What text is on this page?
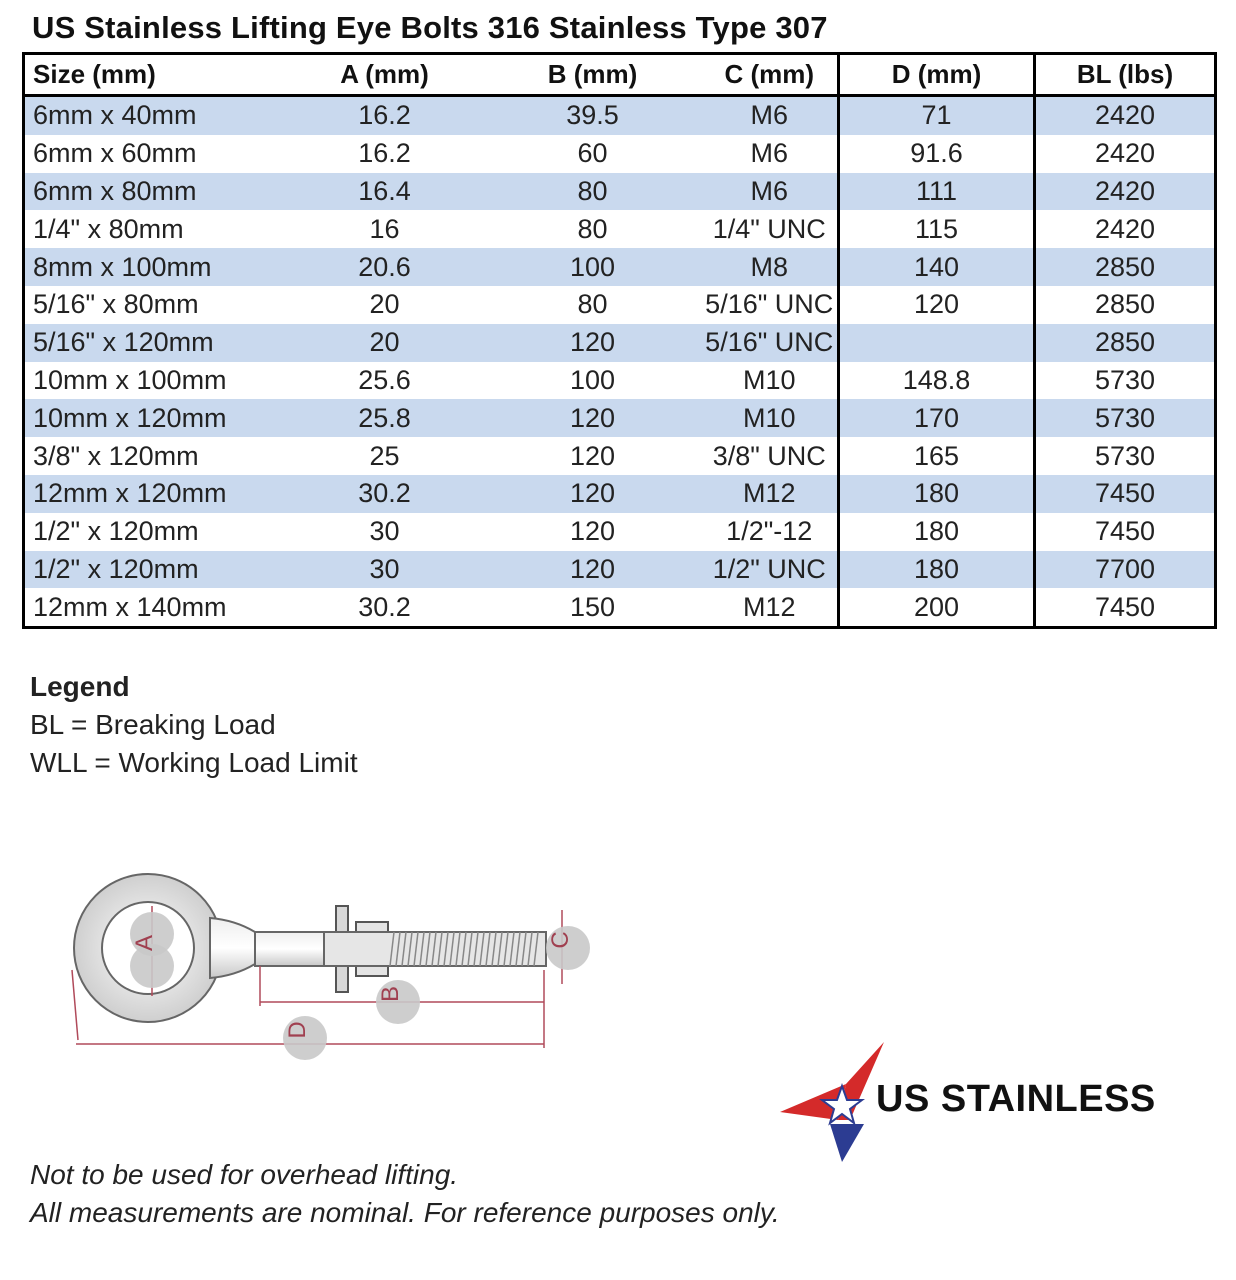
US Stainless Lifting Eye Bolts 316 Stainless Type 307
Size (mm)	A (mm)	B (mm)	C (mm)	D (mm)	BL (lbs)
6mm x 40mm	16.2	39.5	M6	71	2420
6mm x 60mm	16.2	60	M6	91.6	2420
6mm x 80mm	16.4	80	M6	111	2420
1/4" x 80mm	16	80	1/4" UNC	115	2420
8mm x 100mm	20.6	100	M8	140	2850
5/16" x 80mm	20	80	5/16" UNC	120	2850
5/16" x 120mm	20	120	5/16" UNC		2850
10mm x 100mm	25.6	100	M10	148.8	5730
10mm x 120mm	25.8	120	M10	170	5730
3/8" x 120mm	25	120	3/8" UNC	165	5730
12mm x 120mm	30.2	120	M12	180	7450
1/2" x 120mm	30	120	1/2"-12	180	7450
1/2" x 120mm	30	120	1/2" UNC	180	7700
12mm x 140mm	30.2	150	M12	200	7450
Legend
BL = Breaking Load
WLL = Working Load Limit
A
B
C
D
US STAINLESS
Not to be used for overhead lifting.
All measurements are nominal. For reference purposes only.
